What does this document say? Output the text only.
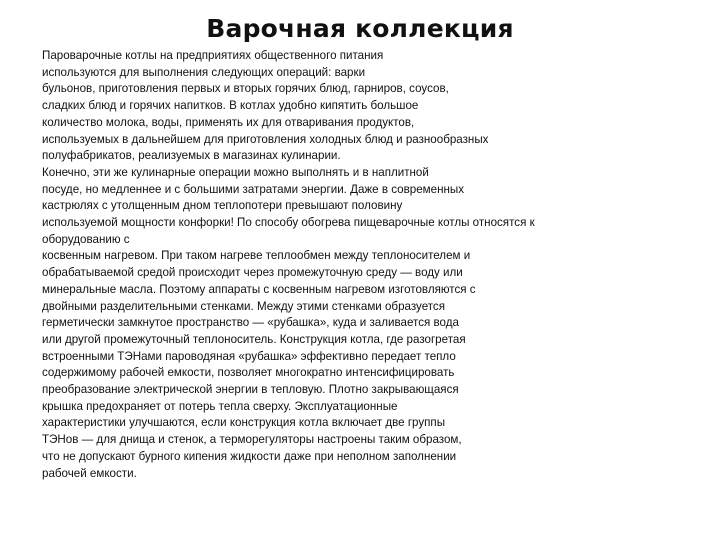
Варочная коллекция
Пароварочные котлы на предприятиях общественного питания
используются для выполнения следующих операций: варки
бульонов, приготовления первых и вторых горячих блюд, гарниров, соусов,
сладких блюд и горячих напитков. В котлах удобно кипятить большое
количество молока, воды, применять их для отваривания продуктов,
используемых в дальнейшем для приготовления холодных блюд и разнообразных
полуфабрикатов, реализуемых в магазинах кулинарии.
Конечно, эти же кулинарные операции можно выполнять и в наплитной
посуде, но медленнее и с большими затратами энергии. Даже в современных
кастрюлях с утолщенным дном теплопотери превышают половину
используемой мощности конфорки! По способу обогрева пищеварочные котлы относятся к
оборудованию с
косвенным нагревом. При таком нагреве теплообмен между теплоносителем и
обрабатываемой средой происходит через промежуточную среду — воду или
минеральные масла. Поэтому аппараты с косвенным нагревом изготовляются с
двойными разделительными стенками. Между этими стенками образуется
герметически замкнутое пространство — «рубашка», куда и заливается вода
или другой промежуточный теплоноситель. Конструкция котла, где разогретая
встроенными ТЭНами пароводяная «рубашка» эффективно передает тепло
содержимому рабочей емкости, позволяет многократно интенсифицировать
преобразование электрической энергии в тепловую. Плотно закрывающаяся
крышка предохраняет от потерь тепла сверху. Эксплуатационные
характеристики улучшаются, если конструкция котла включает две группы
ТЭНов — для днища и стенок, а терморегуляторы настроены таким образом,
что не допускают бурного кипения жидкости даже при неполном заполнении
рабочей емкости.
